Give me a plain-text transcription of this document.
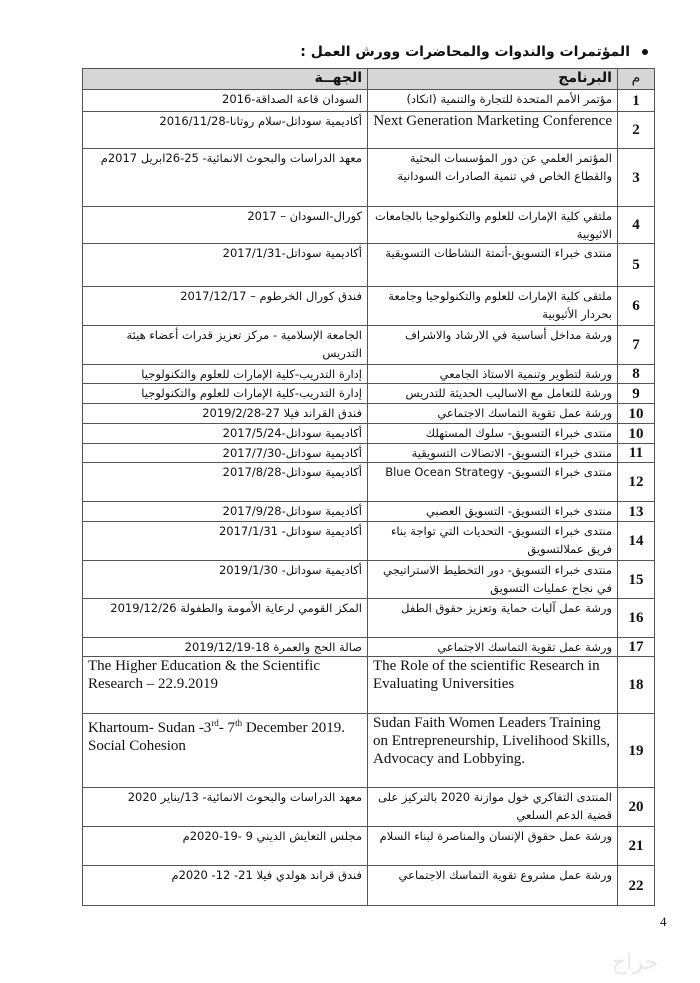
المؤتمرات والندوات والمحاضرات وورش العمل :
م	البرنامج	الجهــة
1	مؤتمر الأمم المتحدة للتجارة والتنمية (انكاد)	السودان قاعة الصداقة-2016
2	Next Generation Marketing Conference	أكاديمية سوداتل-سلام روتانا-2016/11/28
3	المؤتمر العلمي عن دور المؤسسات البحثية والقطاع الخاص في تنمية الصادرات السودانية	معهد الدراسات والبحوث الانمائية- 25-26ابريل 2017م
4	ملتقي كلية الإمارات للعلوم والتكنولوجيا بالجامعات الاثيوبية	كورال-السودان – 2017
5	منتدى خبراء التسويق-أتمتة النشاطات التسويقية	أكاديمية سوداتل-2017/1/31
6	ملتقى كلية الإمارات للعلوم والتكنولوجيا وجامعة بحردار الأثيوبية	فندق كورال الخرطوم – 2017/12/17
7	ورشة مداخل أساسية في الارشاد والاشراف	الجامعة الإسلامية - مركز تعزيز قدرات أعضاء هيئة التدريس
8	ورشة لتطوير وتنمية الاستاذ الجامعي	إدارة التدريب-كلية الإمارات للعلوم والتكنولوجيا
9	ورشة للتعامل مع الاساليب الحديثة للتدريس	إدارة التدريب-كلية الإمارات للعلوم والتكنولوجيا
10	ورشة عمل تقوية التماسك الاجتماعي	فندق القراند فيلا 27-2019/2/28
10	منتدى خبراء التسويق- سلوك المستهلك	أكاديمية سوداتل-2017/5/24
11	منتدى خبراء التسويق- الاتصالات التسويقية	أكاديمية سوداتل-2017/7/30
12	منتدى خبراء التسويق- Blue Ocean Strategy	أكاديمية سوداتل-2017/8/28
13	منتدى خبراء التسويق- التسويق العصبي	أكاديمية سوداتل-2017/9/28
14	منتدى خبراء التسويق- التحديات التي تواجة بناء فريق عملالتسويق	أكاديمية سوداتل- 2017/1/31
15	منتدى خبراء التسويق- دور التخطيط الاستراتيجي في نجاح عمليات التسويق	أكاديمية سوداتل- 2019/1/30
16	ورشة عمل آليات حماية وتعزيز حقوق الطفل	المكز القومي لرعاية الأمومة والطفولة 2019/12/26
17	ورشة عمل تقوية التماسك الاجتماعي	صالة الحج والعمرة 18-2019/12/19
18	The Role of the scientific Research in Evaluating Universities	The Higher Education & the Scientific Research – 22.9.2019
19	Sudan Faith Women Leaders Training on Entrepreneurship, Livelihood Skills, Advocacy and Lobbying.	Khartoum- Sudan -3rd- 7th December 2019. Social Cohesion
20	المنتدى التفاكري خول موازنة 2020 بالتركيز على قضية الدعم السلعي	معهد الدراسات والبحوث الانمائية- 13/يناير 2020
21	ورشة عمل حقوق الإنسان والمناصرة لبناء السلام	مجلس التعايش الديني 9 -19-2020م
22	ورشة عمل مشروع تقوية التماسك الاجتماعي	فندق قراند هولدي فيلا 21- 12- 2020م
4
حراج
